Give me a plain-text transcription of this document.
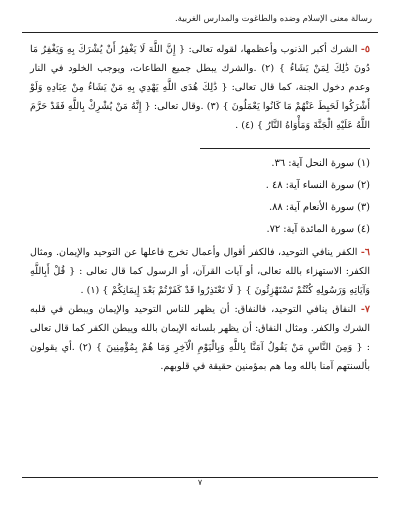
رسالة معنى الإسلام وضده والطاغوت والمدارس الغربية.

٥- الشرك أكبر الذنوب وأعظمها، لقوله تعالى: { إِنَّ اللَّهَ لَا يَغْفِرُ أَنْ يُشْرَكَ بِهِ وَيَغْفِرُ مَا دُونَ ذَٰلِكَ لِمَنْ يَشَاءُ } (٢) .والشرك يبطل جميع الطاعات، ويوجب الخلود في النار وعدم دخول الجنة، كما قال تعالى: { ذَٰلِكَ هُدَى اللَّهِ يَهْدِي بِهِ مَنْ يَشَاءُ مِنْ عِبَادِهِ وَلَوْ أَشْرَكُوا لَحَبِطَ عَنْهُمْ مَا كَانُوا يَعْمَلُونَ } (٣) .وقال تعالى: { إِنَّهُ مَنْ يُشْرِكْ بِاللَّهِ فَقَدْ حَرَّمَ اللَّهُ عَلَيْهِ الْجَنَّةَ وَمَأْوَاهُ النَّارُ } (٤) .

(١) سورة النحل آية: ٣٦.
(٢) سورة النساء آية: ٤٨ .
(٣) سورة الأنعام آية: ٨٨.
(٤) سورة المائدة آية: ٧٢.

٦- الكفر ينافي التوحيد، فالكفر أقوال وأعمال تخرج فاعلها عن التوحيد والإيمان. ومثال الكفر: الاستهزاء بالله تعالى، أو آيات القرآن، أو الرسول كما قال تعالى : { قُلْ أَبِاللَّهِ وَآيَاتِهِ وَرَسُولِهِ كُنْتُمْ تَسْتَهْزِئُونَ } { لَا تَعْتَذِرُوا قَدْ كَفَرْتُمْ بَعْدَ إِيمَانِكُمْ } (١) .

٧- النفاق ينافي التوحيد، فالنفاق: أن يظهر للناس التوحيد والإيمان ويبطن في قلبه الشرك والكفر. ومثال النفاق: أن يظهر بلسانه الإيمان بالله ويبطن الكفر كما قال تعالى : { وَمِنَ النَّاسِ مَنْ يَقُولُ آمَنَّا بِاللَّهِ وَبِالْيَوْمِ الْآخِرِ وَمَا هُمْ بِمُؤْمِنِينَ } (٢) .أي يقولون بألسنتهم آمنا بالله وما هم بمؤمنين حقيقة في قلوبهم.

٧
